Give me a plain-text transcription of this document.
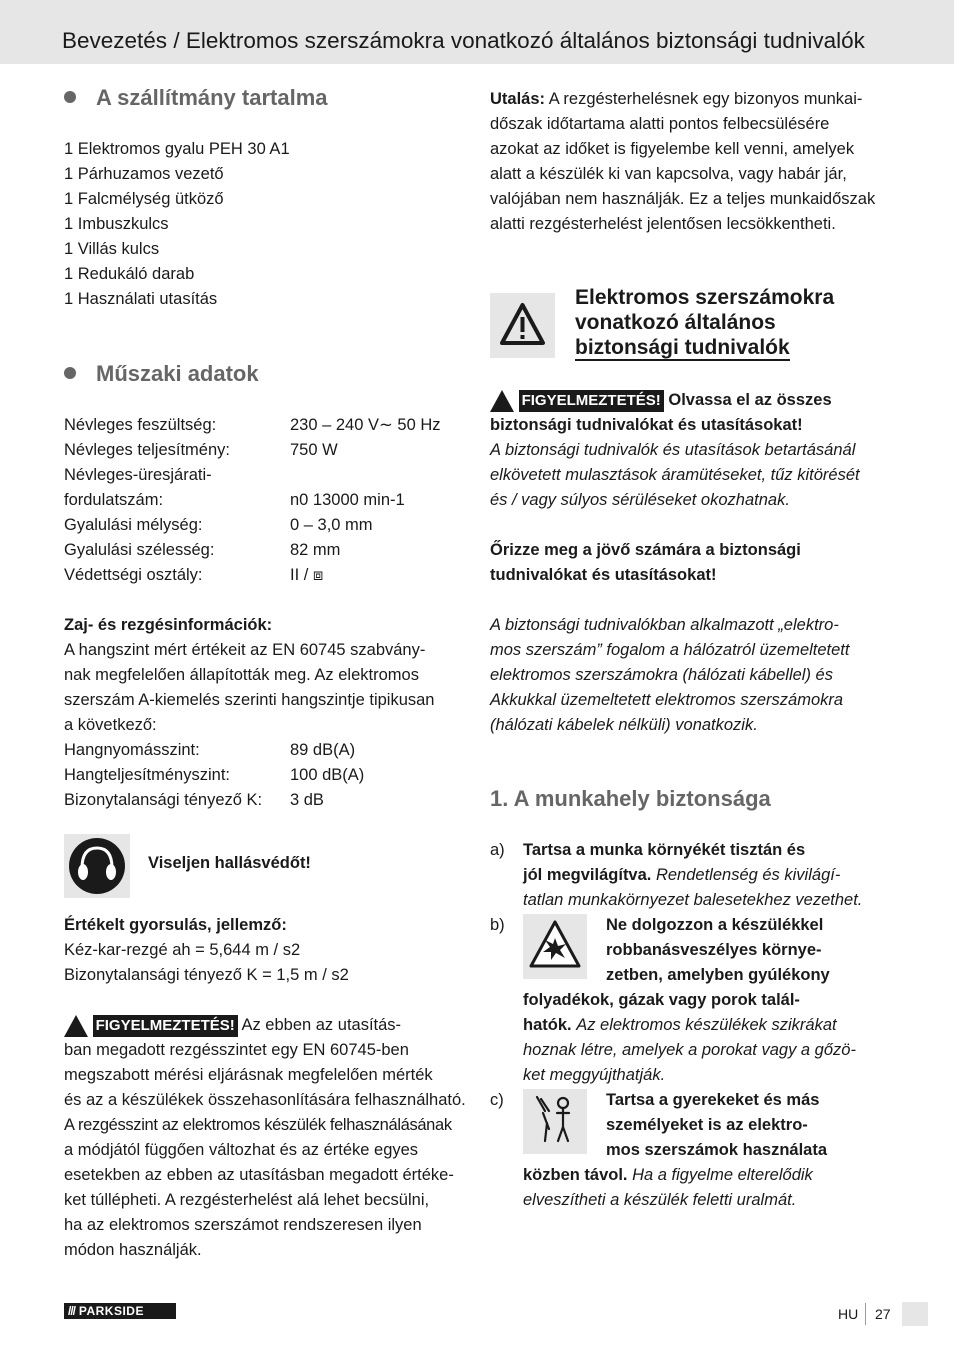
Bevezetés / Elektromos szerszámokra vonatkozó általános biztonsági tudnivalók
A szállítmány tartalma
1 Elektromos gyalu PEH 30 A1
1 Párhuzamos vezető
1 Falcmélység ütköző
1 Imbuszkulcs
1 Villás kulcs
1 Redukáló darab
1 Használati utasítás
Műszaki adatok
Névleges feszültség:	230 – 240 V∼ 50 Hz
Névleges teljesítmény:	750 W
Névleges-üresjárati-
fordulatszám:	n0 13000 min-1
Gyalulási mélység:	0 – 3,0 mm
Gyalulási szélesség:	82 mm
Védettségi osztály:	II / ⧈
Zaj- és rezgésinformációk:
A hangszint mért értékeit az EN 60745 szabvány-
nak megfelelően állapították meg. Az elektromos
szerszám A-kiemelés szerinti hangszintje tipikusan
a következő:
Hangnyomásszint:	89 dB(A)
Hangteljesítményszint:	100 dB(A)
Bizonytalansági tényező K: 3 dB
Viseljen hallásvédőt!
Értékelt gyorsulás, jellemző:
Kéz-kar-rezgé ah = 5,644 m / s2
Bizonytalansági tényező K = 1,5 m / s2
FIGYELMEZTETÉS! Az ebben az utasítás-
ban megadott rezgésszintet egy EN 60745-ben
megszabott mérési eljárásnak megfelelően mérték
és az a készülékek összehasonlítására felhasználható.
A rezgésszint az elektromos készülék felhasználásának
a módjától függően változhat és az értéke egyes
esetekben az ebben az utasításban megadott értéke-
ket túllépheti. A rezgésterhelést alá lehet becsülni,
ha az elektromos szerszámot rendszeresen ilyen
módon használják.
Utalás: A rezgésterhelésnek egy bizonyos munkai-
dőszak időtartama alatti pontos felbecsülésére
azokat az időket is figyelembe kell venni, amelyek
alatt a készülék ki van kapcsolva, vagy habár jár,
valójában nem használják. Ez a teljes munkaidőszak
alatti rezgésterhelést jelentősen lecsökkentheti.
Elektromos szerszámokra
vonatkozó általános
biztonsági tudnivalók
FIGYELMEZTETÉS! Olvassa el az összes
biztonsági tudnivalókat és utasításokat!
A biztonsági tudnivalók és utasítások betartásánál
elkövetett mulasztások áramütéseket, tűz kitörését
és / vagy súlyos sérüléseket okozhatnak.
Őrizze meg a jövő számára a biztonsági
tudnivalókat és utasításokat!
A biztonsági tudnivalókban alkalmazott „elektro-
mos szerszám” fogalom a hálózatról üzemeltetett
elektromos szerszámokra (hálózati kábellel) és
Akkukkal üzemeltetett elektromos szerszámokra
(hálózati kábelek nélküli) vonatkozik.
1. A munkahely biztonsága
a) Tartsa a munka környékét tisztán és
jól megvilágítva. Rendetlenség és kivilágí-
tatlan munkakörnyezet balesetekhez vezethet.
b)	Ne dolgozzon a készülékkel
robbanásveszélyes környe-
zetben, amelyben gyúlékony
folyadékok, gázak vagy porok talál-
hatók. Az elektromos készülékek szikrákat
hoznak létre, amelyek a porokat vagy a gőzö-
ket meggyújthatják.
c)	Tartsa a gyerekeket és más
személyeket is az elektro-
mos szerszámok használata
közben távol. Ha a figyelme elterelődik
elveszítheti a készülék feletti uralmát.
/// PARKSIDE	HU 27
